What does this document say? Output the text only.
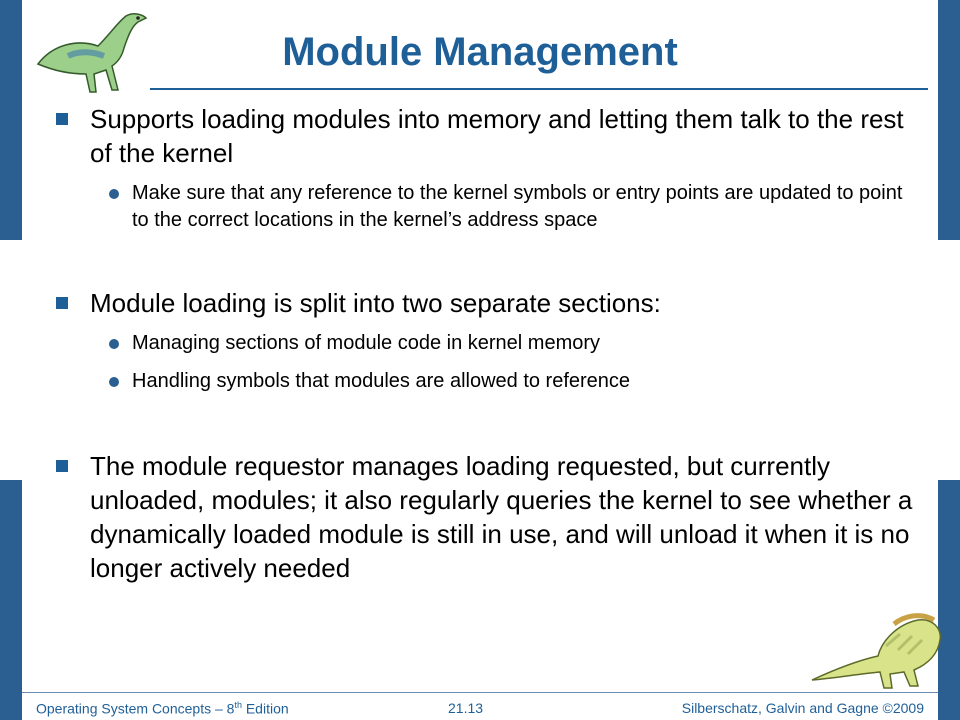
Module Management
Supports loading modules into memory and letting them talk to the rest of the kernel
Make sure that any reference to the kernel symbols or entry points are updated to point to the correct locations in the kernel’s address space
Module loading is split into two separate sections:
Managing sections of module code in kernel memory
Handling symbols that modules are allowed to reference
The module requestor manages loading requested, but currently unloaded, modules; it also regularly queries the kernel to see whether a dynamically loaded module is still in use, and will unload it when it is no longer actively needed
Operating System Concepts – 8th Edition	21.13	Silberschatz, Galvin and Gagne ©2009
